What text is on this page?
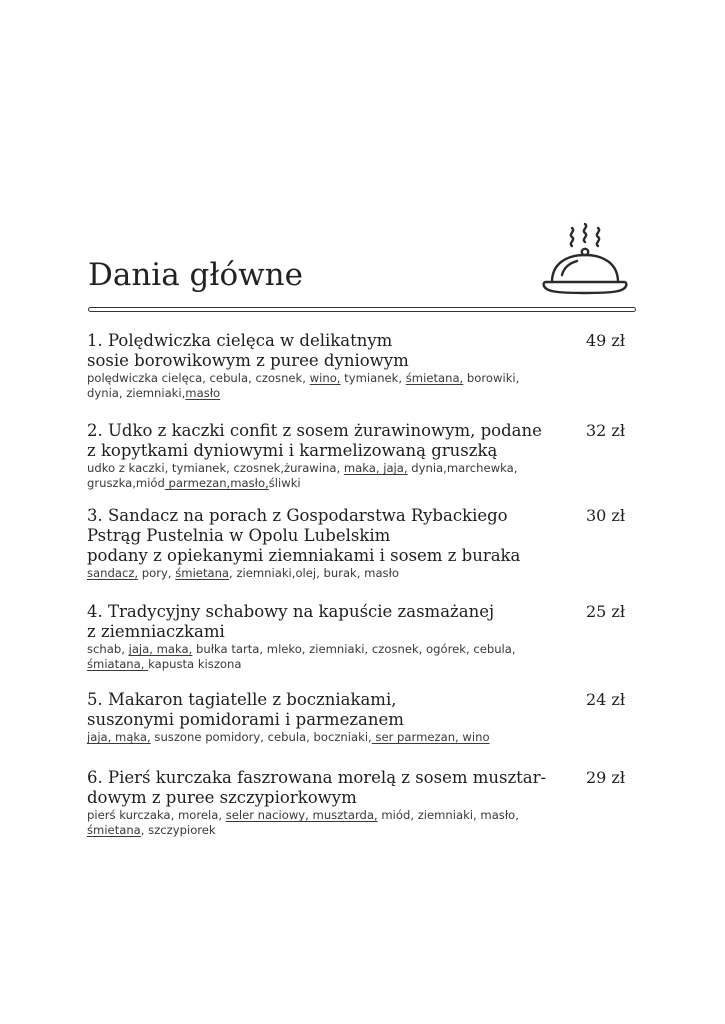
Dania główne
1. Polędwiczka cielęca w delikatnym
sosie borowikowym z puree dyniowym
polędwiczka cielęca, cebula, czosnek, wino, tymianek, śmietana, borowiki,
dynia, ziemniaki,masło
49 zł
2. Udko z kaczki confit z sosem żurawinowym, podane
z kopytkami dyniowymi i karmelizowaną gruszką
udko z kaczki, tymianek, czosnek,żurawina, maka, jaja, dynia,marchewka,
gruszka,miód parmezan,masło,śliwki
32 zł
3. Sandacz na porach z Gospodarstwa Rybackiego
Pstrąg Pustelnia w Opolu Lubelskim
podany z opiekanymi ziemniakami i sosem z buraka
sandacz, pory, śmietana, ziemniaki,olej, burak, masło
30 zł
4. Tradycyjny schabowy na kapuście zasmażanej
z ziemniaczkami
schab, jaja, maka, bułka tarta, mleko, ziemniaki, czosnek, ogórek, cebula,
śmiatana, kapusta kiszona
25 zł
5. Makaron tagiatelle z boczniakami,
suszonymi pomidorami i parmezanem
jaja, mąka, suszone pomidory, cebula, boczniaki, ser parmezan, wino
24 zł
6. Pierś kurczaka faszrowana morelą z sosem musztar-
dowym z puree szczypiorkowym
pierś kurczaka, morela, seler naciowy, musztarda, miód, ziemniaki, masło,
śmietana, szczypiorek
29 zł
